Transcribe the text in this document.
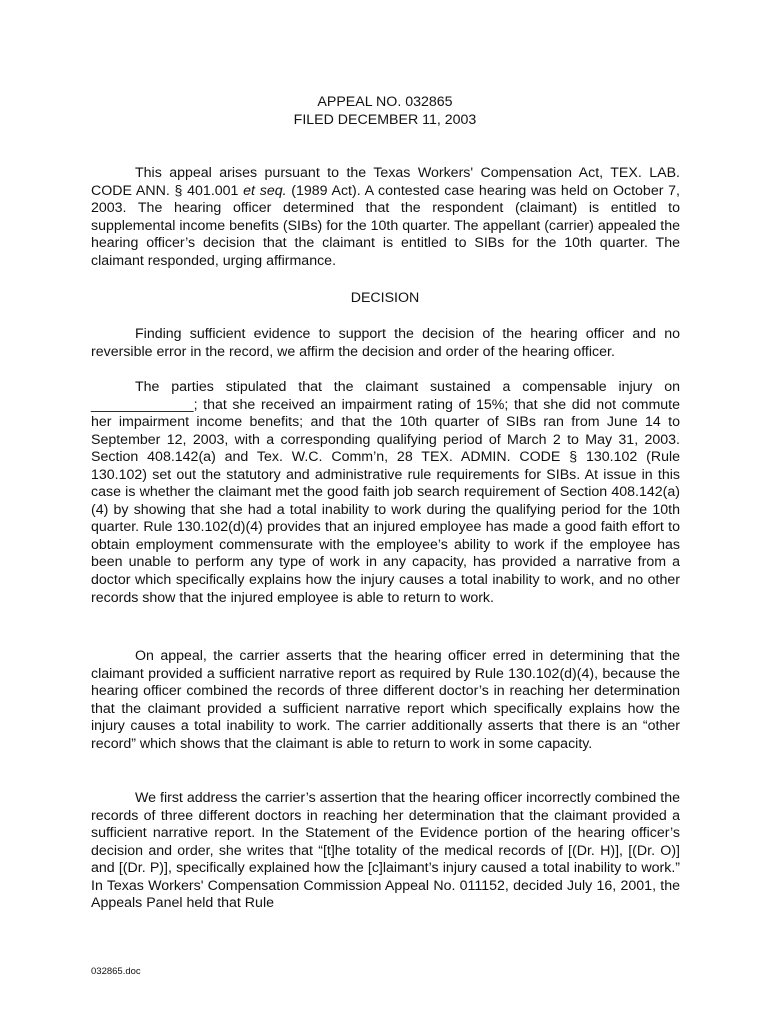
APPEAL NO. 032865

FILED DECEMBER 11, 2003

This appeal arises pursuant to the Texas Workers' Compensation Act, TEX. LAB. CODE ANN. § 401.001 et seq. (1989 Act). A contested case hearing was held on October 7, 2003. The hearing officer determined that the respondent (claimant) is entitled to supplemental income benefits (SIBs) for the 10th quarter. The appellant (carrier) appealed the hearing officer’s decision that the claimant is entitled to SIBs for the 10th quarter. The claimant responded, urging affirmance.

DECISION

Finding sufficient evidence to support the decision of the hearing officer and no reversible error in the record, we affirm the decision and order of the hearing officer.

The parties stipulated that the claimant sustained a compensable injury on _____________; that she received an impairment rating of 15%; that she did not commute her impairment income benefits; and that the 10th quarter of SIBs ran from June 14 to September 12, 2003, with a corresponding qualifying period of March 2 to May 31, 2003. Section 408.142(a) and Tex. W.C. Comm’n, 28 TEX. ADMIN. CODE § 130.102 (Rule 130.102) set out the statutory and administrative rule requirements for SIBs. At issue in this case is whether the claimant met the good faith job search requirement of Section 408.142(a)(4) by showing that she had a total inability to work during the qualifying period for the 10th quarter. Rule 130.102(d)(4) provides that an injured employee has made a good faith effort to obtain employment commensurate with the employee’s ability to work if the employee has been unable to perform any type of work in any capacity, has provided a narrative from a doctor which specifically explains how the injury causes a total inability to work, and no other records show that the injured employee is able to return to work.

On appeal, the carrier asserts that the hearing officer erred in determining that the claimant provided a sufficient narrative report as required by Rule 130.102(d)(4), because the hearing officer combined the records of three different doctor’s in reaching her determination that the claimant provided a sufficient narrative report which specifically explains how the injury causes a total inability to work. The carrier additionally asserts that there is an “other record” which shows that the claimant is able to return to work in some capacity.

We first address the carrier’s assertion that the hearing officer incorrectly combined the records of three different doctors in reaching her determination that the claimant provided a sufficient narrative report. In the Statement of the Evidence portion of the hearing officer’s decision and order, she writes that “[t]he totality of the medical records of [(Dr. H)], [(Dr. O)] and [(Dr. P)], specifically explained how the [c]laimant’s injury caused a total inability to work.” In Texas Workers' Compensation Commission Appeal No. 011152, decided July 16, 2001, the Appeals Panel held that Rule

032865.doc
